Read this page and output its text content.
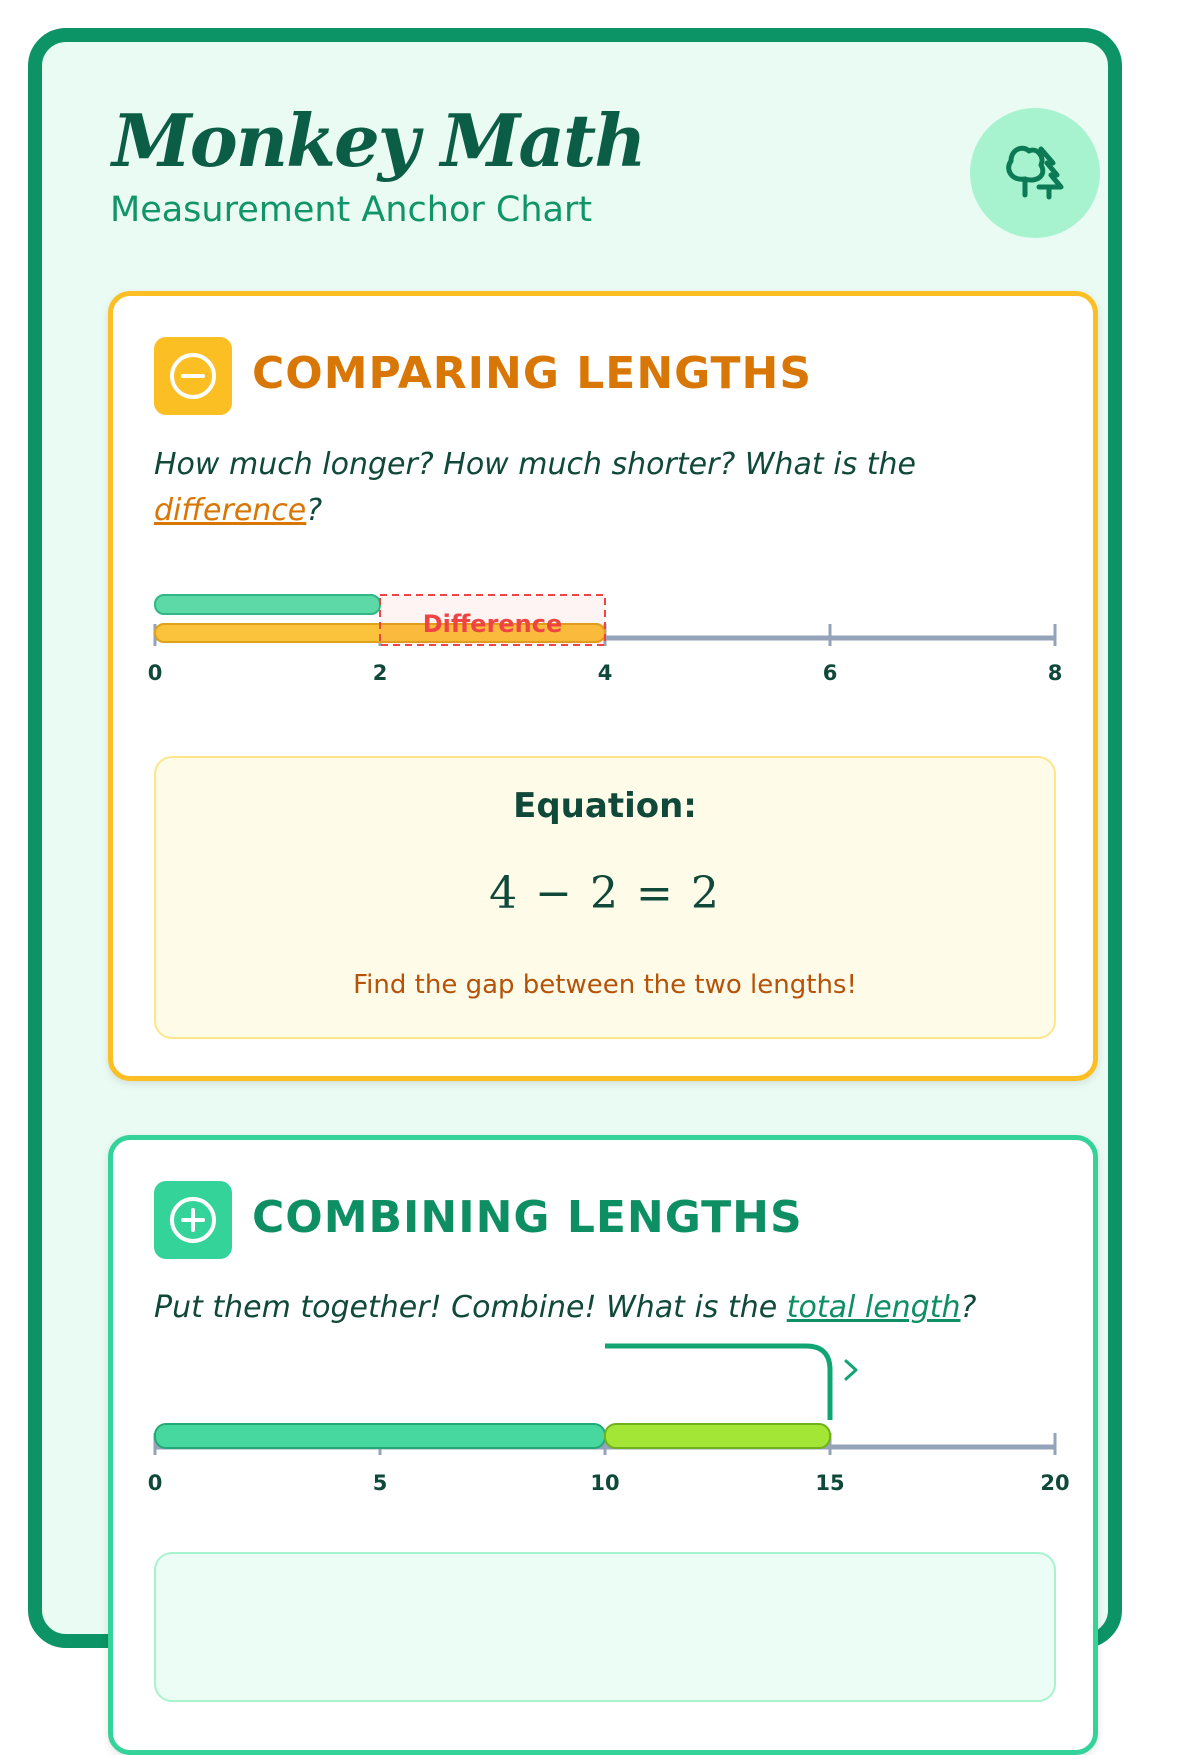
Monkey Math
Measurement Anchor Chart
COMPARING LENGTHS
How much longer? How much shorter? What is the difference?
0	2	4	6	8
Difference
Equation:
4 − 2 = 2
Find the gap between the two lengths!
COMBINING LENGTHS
Put them together! Combine! What is the total length?
0	5	10	15	20
